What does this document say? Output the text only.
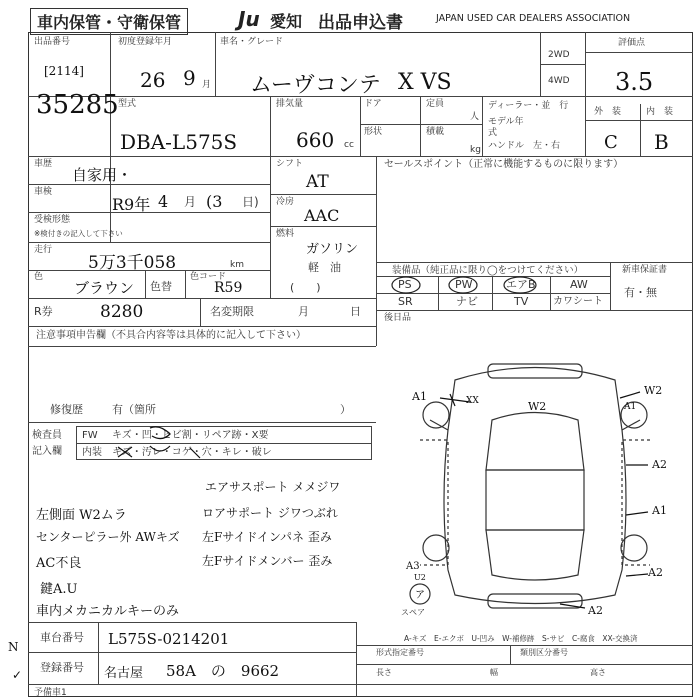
車内保管・守衛保管	Ju 愛知 出品申込書	JAPAN USED CAR DEALERS ASSOCIATION
出品番号
[2114]
35285
初度登録年月
26 9 月
車名・グレード
ムーヴコンテ X VS
2WD
4WD
評価点
3.5
型式
DBA-L575S
排気量
660 cc
ドア	定員
人
形状	積載
kg
ディーラー・並　行
モデル年式
ハンドル　左・右
外　装	内　装
C B
車歴
自家用・
車検
R9年 4 月 (3 日)
受検形態
※検付きの記入して下さい
走行
5万3千058	km
色
ブラウン 色替
色コード
R59
シフト
AT
冷房
AAC
燃料
ガソリン
軽　油
(　　)
セールスポイント（正常に機能するものに限ります）
装備品（純正品に限り◯をつけてください）
PS	PW	エアB	AW
SR	ナビ	TV カワシート
新車保証書
有・無
後日品
R券	8280	名変期限	月	日
注意事項申告欄（不具合内容等は具体的に記入して下さい）
修復歴	有（箇所	）
検査員
記入欄
FW キズ・凹・ヒビ割・リペア跡・X要
内装 キズ・汚レ・コゲ・穴・キレ・破レ
エアサスポート メメジワ
左側面 W2ムラ	ロアサポート ジワつぶれ
センターピラー外 AWキズ 左Fサイドインパネ 歪み
AC不良	左Fサイドメンバー 歪み
鍵A.U
車内メカニカルキーのみ
A1	XX	W2
W2
A1
A2
A1
A2
A3
U2
ア
スペア	A2
A-キズ　E-エクボ　U-凹み　W-補修跡　S-サビ　C-腐食　XX-交換済
車台番号 L575S-0214201
登録番号 名古屋 58A　の　9662
形式指定番号	類別区分番号
長さ	幅	高さ
予備車1
N
✓
